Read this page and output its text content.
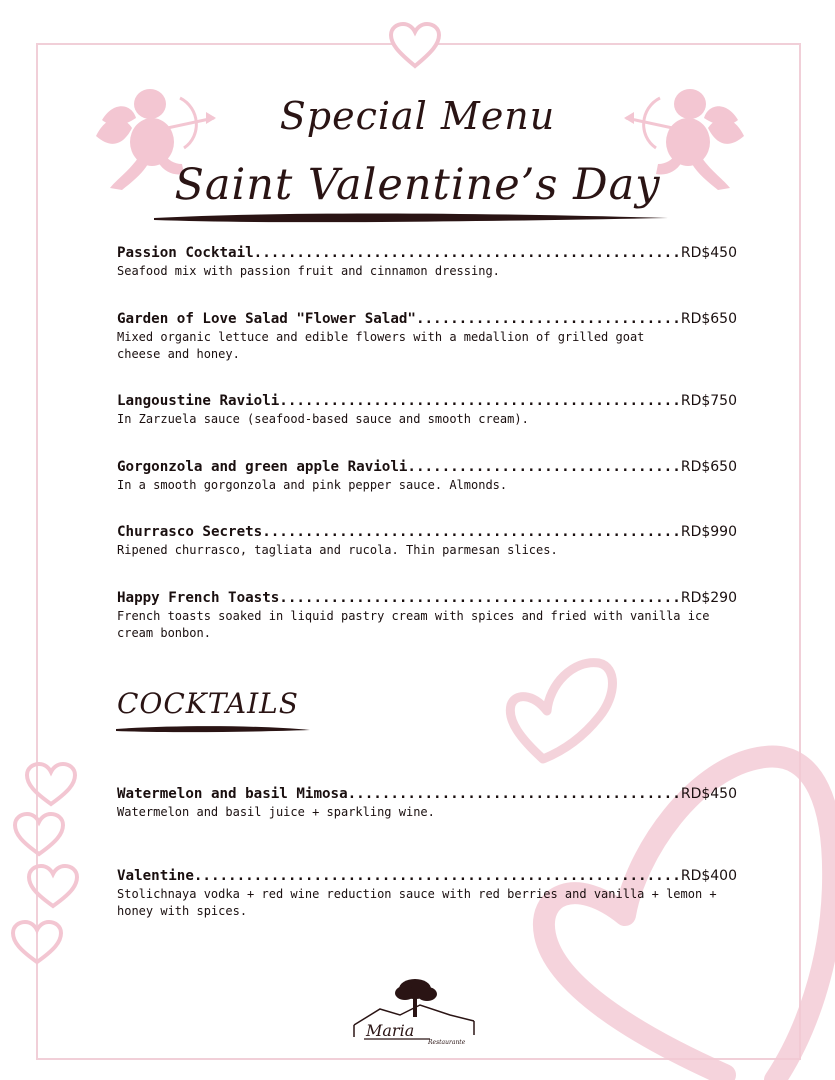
Special Menu
Saint Valentine’s Day
Passion Cocktail .....	RD$450
Seafood mix with passion fruit and cinnamon dressing.
Garden of Love Salad "Flower Salad" .....	RD$650
Mixed organic lettuce and edible flowers with a medallion of grilled goat cheese and honey.
Langoustine Ravioli .....	RD$750
In Zarzuela sauce (seafood-based sauce and smooth cream).
Gorgonzola and green apple Ravioli .....	RD$650
In a smooth gorgonzola and pink pepper sauce. Almonds.
Churrasco Secrets .....	RD$990
Ripened churrasco, tagliata and rucola. Thin parmesan slices.
Happy French Toasts .....	RD$290
French toasts soaked in liquid pastry cream with spices and fried with vanilla ice cream bonbon.
Watermelon and basil Mimosa .....	RD$450
Watermelon and basil juice + sparkling wine.
Valentine .....	RD$400
Stolichnaya vodka + red wine reduction sauce with red berries and vanilla + lemon + honey with spices.
COCKTAILS
Maria
Restaurante
